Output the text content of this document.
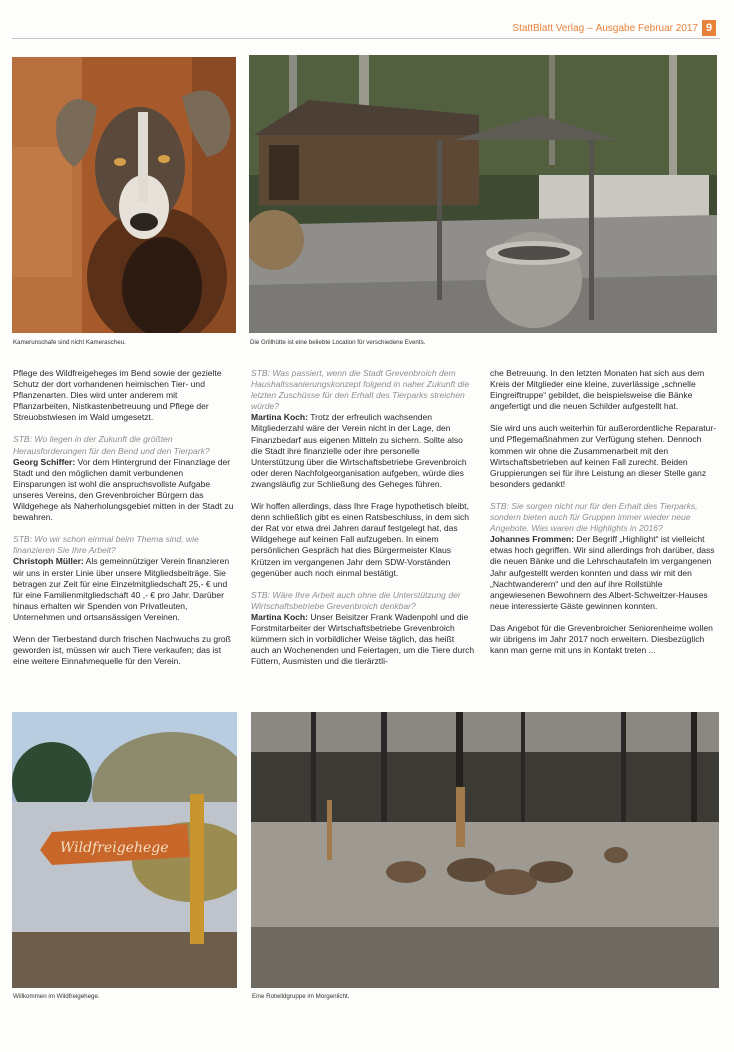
Statt Blatt Verlag – Ausgabe Februar 2017 9
Kamerunschafe sind nicht Kamerascheu.	Die Grillhütte ist eine beliebte Location für verschiedene Events.

Pflege des Wildfreigeheges im Bend sowie der gezielte Schutz der dort vorhandenen heimischen Tier- und Pflanzenarten. Dies wird unter anderem mit Pflanzarbeiten, Nistkastenbetreuung und Pflege der Streuobstwiesen im Wald umgesetzt.

STB: Wo liegen in der Zukunft die größten Herausforderungen für den Bend und den Tierpark?
Georg Schiffer: Vor dem Hintergrund der Finanzlage der Stadt und den möglichen damit verbundenen Einsparungen ist wohl die anspruchsvollste Aufgabe unseres Vereins, den Grevenbroicher Bürgern das Wildgehege als Naherholungsgebiet mitten in der Stadt zu bewahren.

STB: Wo wir schon einmal beim Thema sind, wie finanzieren Sie Ihre Arbeit?
Christoph Müller: Als gemeinnütziger Verein finanzieren wir uns in erster Linie über unsere Mitgliedsbeiträge. Sie betragen zur Zeit für eine Einzelmitgliedschaft 25,- € und für eine Familienmitgliedschaft 40 ,- € pro Jahr. Darüber hinaus erhalten wir Spenden von Privatleuten, Unternehmen und ortsansässigen Vereinen.

Wenn der Tierbestand durch frischen Nachwuchs zu groß geworden ist, müssen wir auch Tiere verkaufen; das ist eine weitere Einnahmequelle für den Verein.

STB: Was passiert, wenn die Stadt Grevenbroich dem Haushaltssanierungskonzept folgend in naher Zukunft die letzten Zuschüsse für den Erhalt des Tierparks streichen würde?
Martina Koch: Trotz der erfreulich wachsenden Mitgliederzahl wäre der Verein nicht in der Lage, den Finanzbedarf aus eigenen Mitteln zu sichern. Sollte also die Stadt ihre finanzielle oder ihre personelle Unterstützung über die Wirtschaftsbetriebe Grevenbroich oder deren Nachfolgeorganisation aufgeben, würde dies zwangsläufig zur Schließung des Geheges führen.

Wir hoffen allerdings, dass Ihre Frage hypothetisch bleibt, denn schließlich gibt es einen Ratsbeschluss, in dem sich der Rat vor etwa drei Jahren darauf festgelegt hat, das Wildgehege auf keinen Fall aufzugeben. In einem persönlichen Gespräch hat dies Bürgermeister Klaus Krützen im vergangenen Jahr dem SDW-Vorständen gegenüber auch noch einmal bestätigt.

STB: Wäre Ihre Arbeit auch ohne die Unterstützung der Wirtschaftsbetriebe Grevenbroich denkbar?
Martina Koch: Unser Beisitzer Frank Wadenpohl und die Forstmitarbeiter der Wirtschaftsbetriebe Grevenbroich kümmern sich in vorbildlicher Weise täglich, das heißt auch an Wochenenden und Feiertagen, um die Tiere durch Füttern, Ausmisten und die tierärztli-

che Betreuung. In den letzten Monaten hat sich aus dem Kreis der Mitglieder eine kleine, zuverlässige „schnelle Eingreiftruppe“ gebildet, die beispielsweise die Bänke angefertigt und die neuen Schilder aufgestellt hat.

Sie wird uns auch weiterhin für außerordentliche Reparatur- und Pflegemaßnahmen zur Verfügung stehen. Dennoch kommen wir ohne die Zusammenarbeit mit den Wirtschaftsbetrieben auf keinen Fall zurecht. Beiden Gruppierungen sei für ihre Leistung an dieser Stelle ganz besonders gedankt!

STB: Sie sorgen nicht nur für den Erhalt des Tierparks, sondern bieten auch für Gruppen immer wieder neue Angebote. Was waren die Highlights in 2016?
Johannes Frommen: Der Begriff „Highlight“ ist vielleicht etwas hoch gegriffen. Wir sind allerdings froh darüber, dass die neuen Bänke und die Lehrschautafeln im vergangenen Jahr aufgestellt werden konnten und dass wir mit den „Nachtwanderern“ und den auf ihre Rollstühle angewiesenen Bewohnern des Albert-Schweitzer-Hauses neue interessierte Gäste gewinnen konnten.

Das Angebot für die Grevenbroicher Seniorenheime wollen wir übrigens im Jahr 2017 noch erweitern. Diesbezüglich kann man gerne mit uns in Kontakt treten ...

Wildfreigehege
Willkommen im Wildfreigehege.	Eine Rotwildgruppe im Morgenlicht.
